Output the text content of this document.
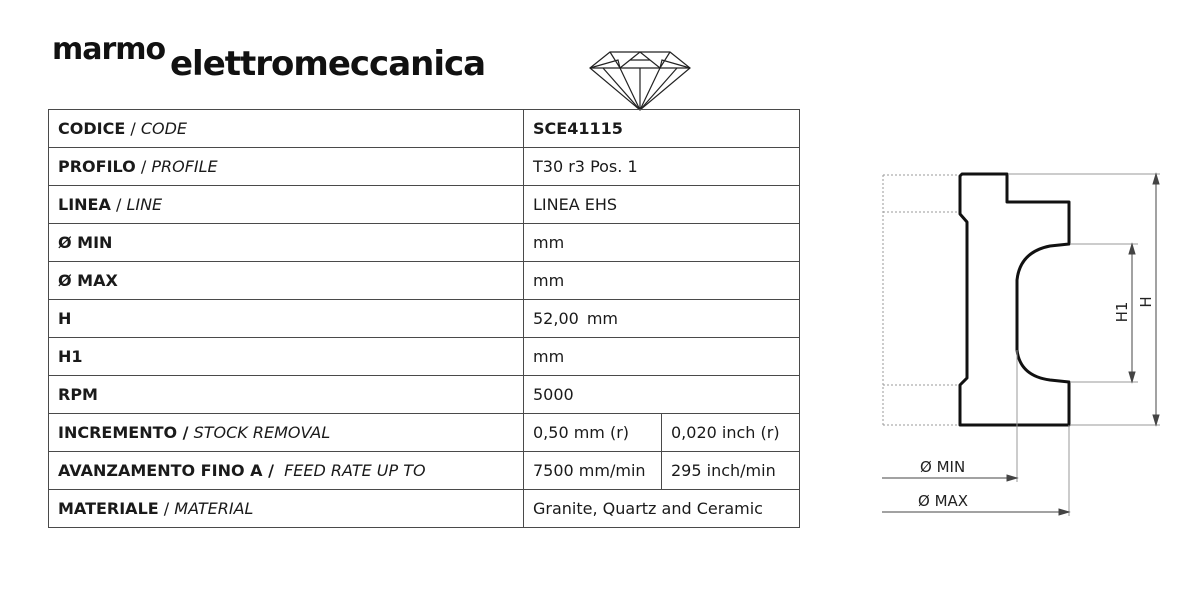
marmo elettromeccanica
CODICE / CODE	SCE41115	
PROFILO / PROFILE	T30 r3 Pos. 1	
LINEA / LINE	LINEA EHS	
Ø MIN	mm	
Ø MAX	mm	
H	52,00 mm	
H1	mm	
RPM	5000	
INCREMENTO / STOCK REMOVAL	0,50 mm (r)	0,020 inch (r)
AVANZAMENTO FINO A / FEED RATE UP TO	7500 mm/min	295 inch/min
MATERIALE / MATERIAL	Granite, Quartz and Ceramic	
H
H1
Ø MIN
Ø MAX
